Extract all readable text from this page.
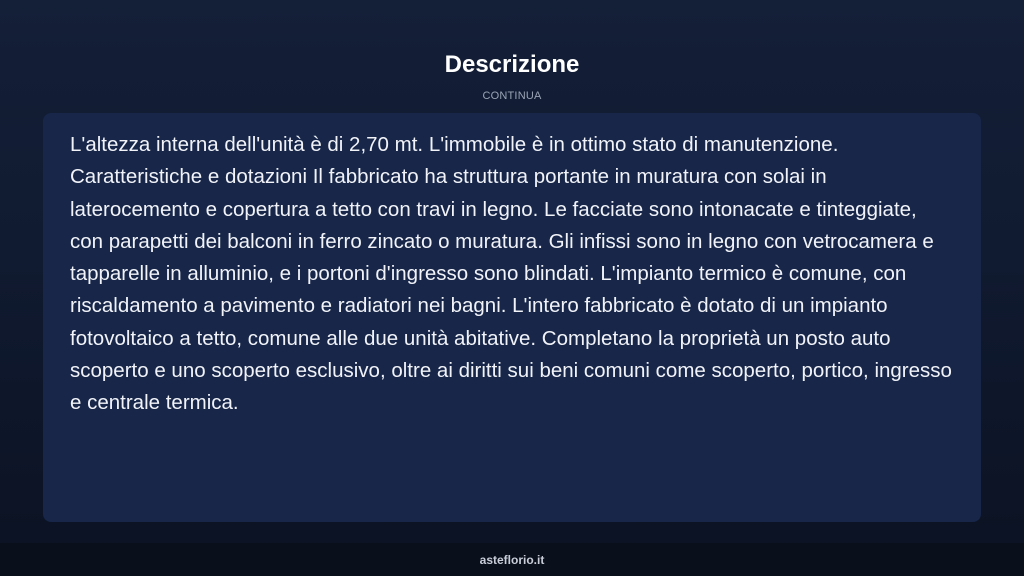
Descrizione
CONTINUA

L'altezza interna dell'unità è di 2,70 mt. L'immobile è in ottimo stato di manutenzione. Caratteristiche e dotazioni Il fabbricato ha struttura portante in muratura con solai in laterocemento e copertura a tetto con travi in legno. Le facciate sono intonacate e tinteggiate, con parapetti dei balconi in ferro zincato o muratura. Gli infissi sono in legno con vetrocamera e tapparelle in alluminio, e i portoni d'ingresso sono blindati. L'impianto termico è comune, con riscaldamento a pavimento e radiatori nei bagni. L'intero fabbricato è dotato di un impianto fotovoltaico a tetto, comune alle due unità abitative. Completano la proprietà un posto auto scoperto e uno scoperto esclusivo, oltre ai diritti sui beni comuni come scoperto, portico, ingresso e centrale termica.

asteflorio.it
